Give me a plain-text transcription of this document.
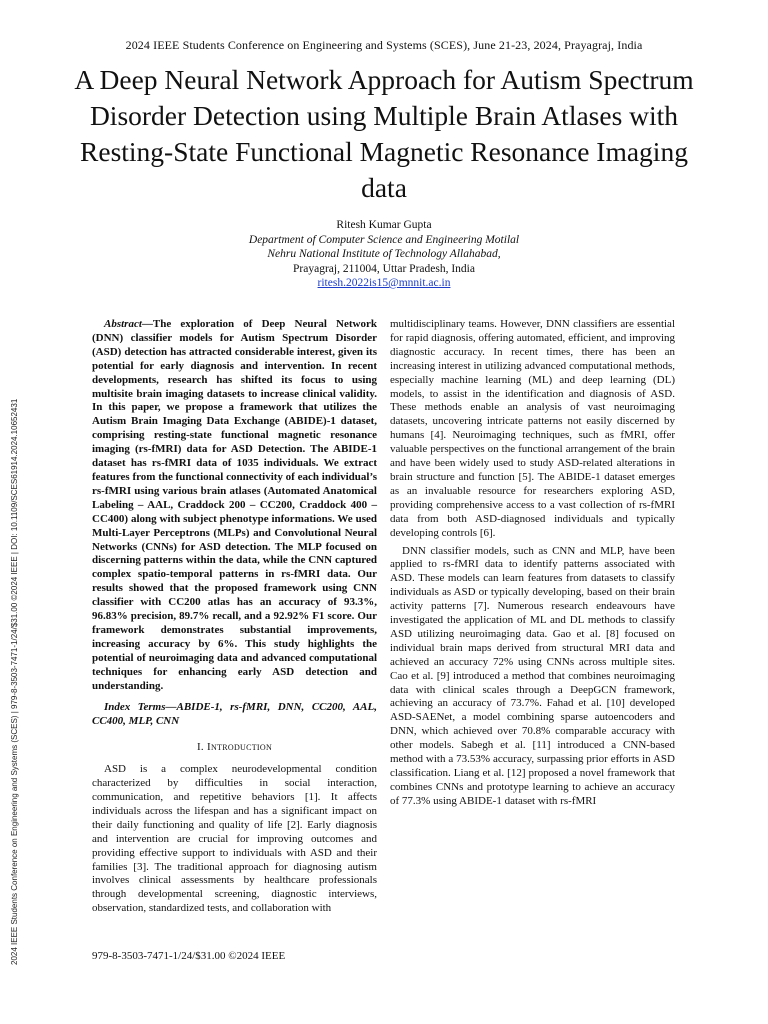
2024 IEEE Students Conference on Engineering and Systems (SCES), June 21-23, 2024, Prayagraj, India
A Deep Neural Network Approach for Autism Spectrum Disorder Detection using Multiple Brain Atlases with Resting-State Functional Magnetic Resonance Imaging data
Ritesh Kumar Gupta
Department of Computer Science and Engineering Motilal
Nehru National Institute of Technology Allahabad,
Prayagraj, 211004, Uttar Pradesh, India
ritesh.2022is15@mnnit.ac.in
2024 IEEE Students Conference on Engineering and Systems (SCES) | 979-8-3503-7471-1/24/$31.00 ©2024 IEEE | DOI: 10.1109/SCES61914.2024.10652431

Abstract—The exploration of Deep Neural Network (DNN) classifier models for Autism Spectrum Disorder (ASD) detection has attracted considerable interest, given its potential for early diagnosis and intervention. In recent developments, research has shifted its focus to using multisite brain imaging datasets to increase clinical validity. In this paper, we propose a framework that utilizes the Autism Brain Imaging Data Exchange (ABIDE)-1 dataset, comprising resting-state functional magnetic resonance imaging (rs-fMRI) data for ASD Detection. The ABIDE-1 dataset has rs-fMRI data of 1035 individuals. We extract features from the functional connectivity of each individual’s rs-fMRI using various brain atlases (Automated Anatomical Labeling – AAL, Craddock 200 – CC200, Craddock 400 – CC400) along with subject phenotype informations. We used Multi-Layer Perceptrons (MLPs) and Convolutional Neural Networks (CNNs) for ASD detection. The MLP focused on discerning patterns within the data, while the CNN captured complex spatio-temporal patterns in rs-fMRI data. Our results showed that the proposed framework using CNN classifier with CC200 atlas has an accuracy of 93.3%, 96.83% precision, 89.7% recall, and a 92.92% F1 score. Our framework demonstrates substantial improvements, increasing accuracy by 6%. This study highlights the potential of neuroimaging data and advanced computational techniques for enhancing early ASD detection and understanding.

Index Terms—ABIDE-1, rs-fMRI, DNN, CC200, AAL, CC400, MLP, CNN

I. Introduction

ASD is a complex neurodevelopmental condition characterized by difficulties in social interaction, communication, and repetitive behaviors [1]. It affects individuals across the lifespan and has a significant impact on their daily functioning and quality of life [2]. Early diagnosis and intervention are crucial for improving outcomes and providing effective support to individuals with ASD and their families [3]. The traditional approach for diagnosing autism involves clinical assessments by healthcare professionals through developmental screening, diagnostic interviews, observation, standardized tests, and collaboration with

multidisciplinary teams. However, DNN classifiers are essential for rapid diagnosis, offering automated, efficient, and improving diagnostic accuracy. In recent times, there has been an increasing interest in utilizing advanced computational methods, especially machine learning (ML) and deep learning (DL) models, to assist in the identification and diagnosis of ASD. These methods enable an analysis of vast neuroimaging datasets, uncovering intricate patterns not easily discerned by humans [4]. Neuroimaging techniques, such as fMRI, offer valuable perspectives on the functional arrangement of the brain and have been widely used to study ASD-related alterations in brain structure and function [5]. The ABIDE-1 dataset emerges as an invaluable resource for researchers exploring ASD, providing comprehensive access to a vast collection of rs-fMRI data from both ASD-diagnosed individuals and typically developing controls [6].

DNN classifier models, such as CNN and MLP, have been applied to rs-fMRI data to identify patterns associated with ASD. These models can learn features from datasets to classify individuals as ASD or typically developing, based on their brain activity patterns [7]. Numerous research endeavours have investigated the application of ML and DL methods to classify ASD utilizing neuroimaging data. Gao et al. [8] focused on individual brain maps derived from structural MRI data and achieved an accuracy 72% using CNNs across multiple sites. Cao et al. [9] introduced a method that combines neuroimaging data with clinical scales through a DeepGCN framework, achieving an accuracy of 73.7%. Fahad et al. [10] developed ASD-SAENet, a model combining sparse autoencoders and DNN, which achieved over 70.8% comparable accuracy with other models. Sabegh et al. [11] introduced a CNN-based method with a 73.53% accuracy, surpassing prior efforts in ASD classification. Liang et al. [12] proposed a novel framework that combines CNNs and prototype learning to achieve an accuracy of 77.3% using ABIDE-1 dataset with rs-fMRI

979-8-3503-7471-1/24/$31.00 ©2024 IEEE
